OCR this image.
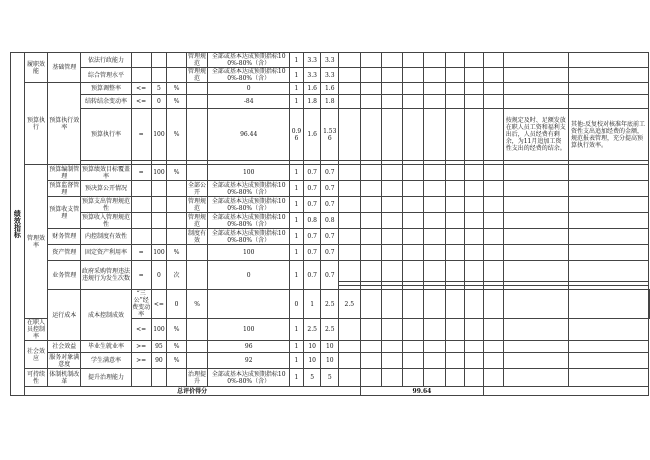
绩效指标	履职效能	基础管理	依法行政能力				管理规范	全部或基本达成预期指标100%-80%（含）	1	3.3	3.3											
			综合管理水平				管理规范	全部或基本达成预期指标100%-80%（含）	1	3.3	3.3											
	预算执行	预算执行效率	预算调整率	<=	5	%		0	1	1.6	1.6											
			结转结余变动率	<=	0	%		-84	1	1.8	1.8											
			预算执行率	=	100	%		96.44	0.96	1.6	1.536									按规定及时、足额发放在职人员工资和福利支出后，人员经费有剩余，为11月追加工资性支出的经费的结余。	其他:反复校对核准年底前工资性支出追加经费的金额，规范报表管理，充分提高预算执行效率。	

	管理效率	预算编制管理	预算绩效目标覆盖率	=	100	%		100	1	0.7	0.7											
		预算监督管理	预决算公开情况				全部公开	全部或基本达成预期指标100%-80%（含）	1	0.7	0.7											
		预算收支管理	预算支出管理规范性				管理规范	全部或基本达成预期指标100%-80%（含）	1	0.7	0.7											
			预算收入管理规范性				管理规范	全部或基本达成预期指标100%-80%（含）	1	0.8	0.8											
		财务管理	内控制度有效性				制度有效	全部或基本达成预期指标100%-80%（含）	1	0.7	0.7											
		资产管理	固定资产利用率	=	100	%		100	1	0.7	0.7											
		业务管理	政府采购管理违法违规行为发生次数	=	0	次		0	1	0.7	0.7											

		运行成本	成本控制成效	“三公”经费变动率	<=	0	%		0	1	2.5	2.5										
	在职人员控制率			<=	100	%		100	1	2.5	2.5											
	社会效应	社会效益	毕业生就业率	>=	95	%		96	1	10	10											
		服务对象满意度	学生满意率	>=	90	%		92	1	10	10											
	可持续性	体制机制改革	提升治理能力				治理提升	全部或基本达成预期指标100%-80%（含）	1	5	5											
	总评价得分												99.64									
